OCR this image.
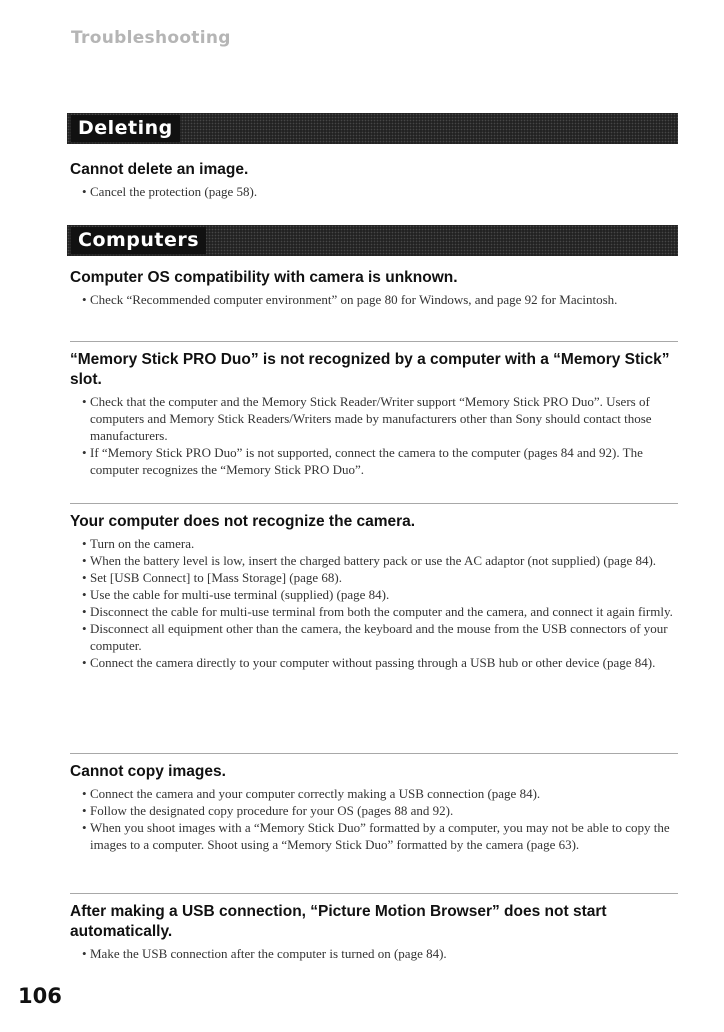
Troubleshooting
Deleting

Cannot delete an image.

• Cancel the protection (page 58).
Computers

Computer OS compatibility with camera is unknown.

• Check “Recommended computer environment” on page 80 for Windows, and page 92 for Macintosh.

“Memory Stick PRO Duo” is not recognized by a computer with a “Memory Stick” slot.

• Check that the computer and the Memory Stick Reader/Writer support “Memory Stick PRO Duo”. Users of computers and Memory Stick Readers/Writers made by manufacturers other than Sony should contact those manufacturers.
• If “Memory Stick PRO Duo” is not supported, connect the camera to the computer (pages 84 and 92). The computer recognizes the “Memory Stick PRO Duo”.

Your computer does not recognize the camera.

• Turn on the camera.
• When the battery level is low, insert the charged battery pack or use the AC adaptor (not supplied) (page 84).
• Set [USB Connect] to [Mass Storage] (page 68).
• Use the cable for multi-use terminal (supplied) (page 84).
• Disconnect the cable for multi-use terminal from both the computer and the camera, and connect it again firmly.
• Disconnect all equipment other than the camera, the keyboard and the mouse from the USB connectors of your computer.
• Connect the camera directly to your computer without passing through a USB hub or other device (page 84).

Cannot copy images.

• Connect the camera and your computer correctly making a USB connection (page 84).
• Follow the designated copy procedure for your OS (pages 88 and 92).
• When you shoot images with a “Memory Stick Duo” formatted by a computer, you may not be able to copy the images to a computer. Shoot using a “Memory Stick Duo” formatted by the camera (page 63).

After making a USB connection, “Picture Motion Browser” does not start automatically.

• Make the USB connection after the computer is turned on (page 84).
106
